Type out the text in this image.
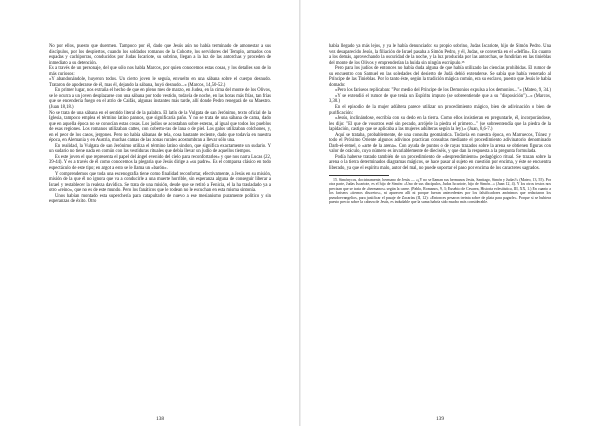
No por ellos, puesto que duermen. Tampoco por él, dado que Jesús aún no había terminado de amonestar a sus discípulos, por los despiertos, cuando los soldados romanos de la Cohorte, los servidores del Templo, armados con espadas y cachiporras, conducidos por Judas Iscariote, su sobrino, llegan a la luz de las antorchas y proceden de inmediato a su detención.

Es a través de un personaje, del que sólo nos habla Marcos, por quien conocemos estas cosas, y los detalles son de lo más curiosos:

«Y abandonándole, huyeron todos. Un cierto joven le seguía, envuelto en una sábana sobre el cuerpo desnudo. Trataron de apoderarse de él, mas él, dejando la sábana, huyó desnudo...» (Marcos, 14,50-52.)

En primer lugar, nos extraña el hecho de que en pleno mes de marzo, en Judea, en la cima del monte de los Olivos, se le ocurra a un joven desplazarse con una sábana por todo vestido, todavía de noche, en las horas más frías, tan frías que se encendería fuego en el atrio de Caifás, algunas instantes más tarde, allí donde Pedro renegará de su Maestro. (Juan 18,18.)

No se trata de una sábana en el sentido literal de la palabra. El latín de la Vulgata de san Jerónimo, texto oficial de la Iglesia, tampoco emplea el término latino pannos, que significaría paño. Y no se trata de una sábana de cama, dado que en aquella época no se conocían estas cosas. Los judíos se acostaban sobre esteras, al igual que todos los pueblos de esas regiones. Los romanos utilizaban cattes, con cobertu-ras de lana o de piel. Los galos utilizaban colchones, y, en el peor de los casos, jergones. Pero no había sábanas de tela, cosa bastante reciente, dado que todavía en nuestra época, en Alemania y en Austria, muchas camas de las zonas rurales acostumbran a llevar sólo una.

En realidad, la Vulgata de san Jerónimo utiliza el término latino sindon, que significa exactamente un sudario. Y un sudario no tiene nada en común con las vestiduras rituales que debía llevar un judío de aquellos tiempos.

Es este joven el que representa el papel del ángel evenido del cielo para reconfortarles» y que nos narra Lucas (22, 39-44). Y es a través de él como conocemos la plegaria que Jesús dirige a «su padre». Es el comparsa clásico en todo espectáculo de este tipo; en argot a esto se le llama un «barón».

Y comprendemos que toda una escenografía tiene como finalidad reconfortar, efectivamente, a Jesús en su misión, misión de la que él no ignora que va a conducirle a una muerte horrible, sin esperanza alguna de conseguir liberar a Israel y restablecer la realeza davídica. Se trata de una misión, desde que se retiró a Fenicia, el la ha trasladado ya a otro «reino», que no es de este mundo. Pero los fanáticos que le rodean no le escuchan en esta misma sintonía.

Unos habían montado esta superchería para catapultarlo de nuevo a ese mesianismo puramente político y sin esperanzas de éxito. Otro

138

había llegado ya más lejos, y ya le había denunciado: su propio sobrino, Judas Iscariote, hijo de Simón Pedro. Una vez desaparecido Jesús, la filiación de Israel pasaba a Simón Pedro, y él, Judas, se convertía en el «delfín». En cuanto a los demás, aprovechando la oscuridad de la noche, y la luz producida por las antorchas, se fundirían en las tinieblas del monte de los Olivos y emprenderían la huida sin ningún escrúpulo.¹⁵

Pero para los judíos de entonces no había duda alguna de que había utilizado las ciencias prohibidas. El rumor de su encuentro con Samuel en las soledades del desierto de Judá debió extenderse. Se sabía que había venerado al Príncipe de las Tinieblas. Por lo tanto éste, según la tradición mágica común, era su esclavo, puesto que Jesús le había domado:

«Pero los fariseos replicaban: "Por medio del Príncipe de los Demonios expulsa a los demonios..."» (Mateo, 9, 34.)

«Y se extendió el rumor de que tenía un Espíritu impuro (se sobreentiende que a su "disposición")...» (Marcos, 3,30.)

En el episodio de la mujer adúltera parece utilizar un procedimiento mágico, bien de adivinación o bien de purificación:

«Jesús, inclinándose, escribía con su dedo en la tierra. Como ellos insistieran en preguntarle, él, incorporándose, les dijo: "El que de vosotros esté sin pecado, arrójele la piedra el primero..." (se sobreentendía que la piedra de la lapidación, castigo que se aplicaba a las mujeres adúlteras según la ley).» (Juan, 8,6-7.)

Aquí se trataba, probablemente, de una consulta geomántica. Todavía en nuestra época, en Marruecos, Túnez y todo el Próximo Oriente algunos adivinos practican consultas mediante el procedimiento adivinatorio denominado Darb-el-remel, o «arte de la arena». Con ayuda de puntos o de rayas trazados sobre la arena se obtienen figuras con valor de oráculo, cuyo número es invariablemente de dieciséis, y que dan la respuesta a la pregunta formulada.

Podía haberse tratado también de un procedimiento de «desprendimiento» pedagógico ritual. Se trazan sobre la arena o la tierra determinados diagramas mágicos, se hace pasar al sujeto en cuestión por encima, y éste se encuentra liberado, ya que el espíritu malo, autor del mal, no puede soportar el paso por encima de los caracteres sagrados.

15. Simónycos, doctrinamente, hermano de Jesús — «¿Y no se llaman sus hermanos Jesús, Santiago, Simón y Judas?» (Mateo, 13, 55). Por otra parte, Judas Iscariote, es el hijo de Simón: «Uno de sus discípulos, Judas Iscariote, hijo de Simón...» (Juan 12, 4). Y los otros textos nos precisan que se trata de «hermanos» según la carne. (Pablo, Romanos, 9, 3; Eusebio de Cesarea, Historia eclesiástica, III, XX, 1.) En cuanto a los fariseos «tiernos discretos», ni aparecen allí ni porque fueran antecedentes por los falsificadores anónimos que redactaron los pseudoevangelios, para justificar el pasaje de Zacarías (II, 12): «Entonces pesaron treinta sobre de plata para pagarle». Porque si se hubiera puesto precio sobre la cabeza de Jesús, es indudable que la suma habría sido mucho más considerable.

139
